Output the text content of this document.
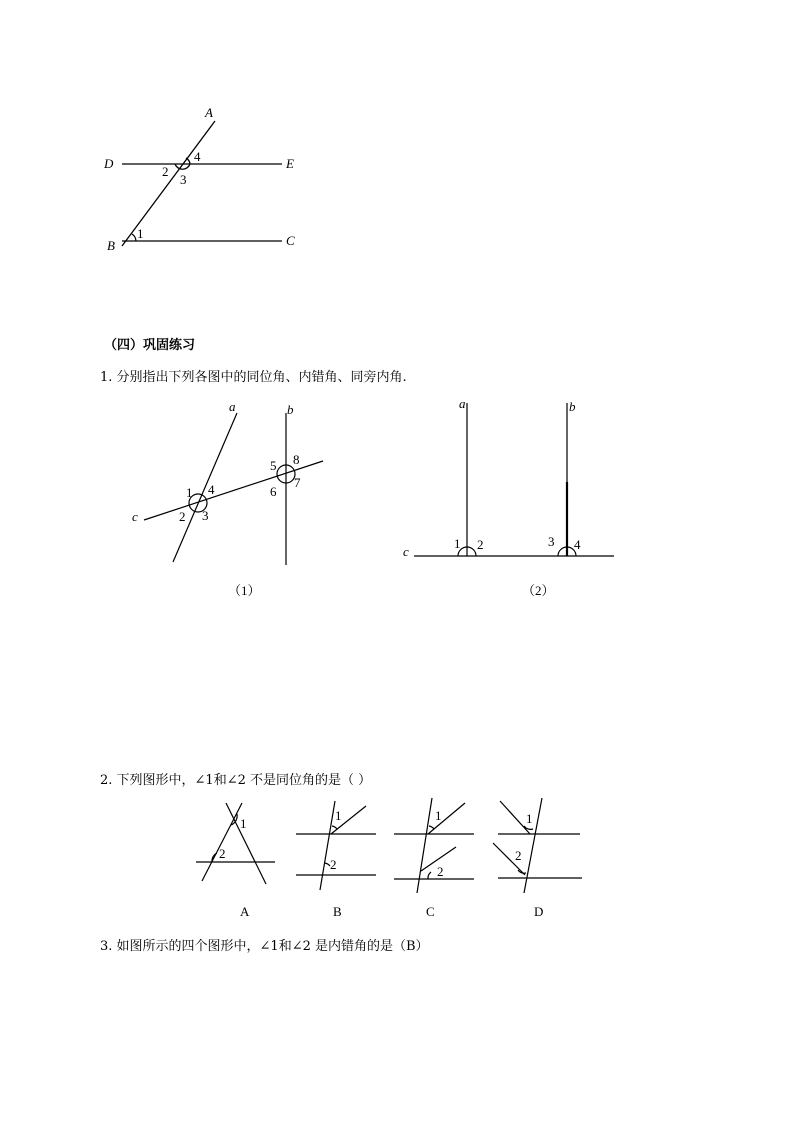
A
D	E
B	C
4
2
3
1
（四）巩固练习
1. 分别指出下列各图中的同位角、内错角、同旁内角.
a	b
c
1 4
2 3
5 8
6
7
（1）
a	b
c
1 2	3 4
（2）
2. 下列图形中，∠1和∠2 不是同位角的是（ ）
1
2
A
1
2
B
1
2
C
1
2
D
3. 如图所示的四个图形中，∠1和∠2 是内错角的是（B）
